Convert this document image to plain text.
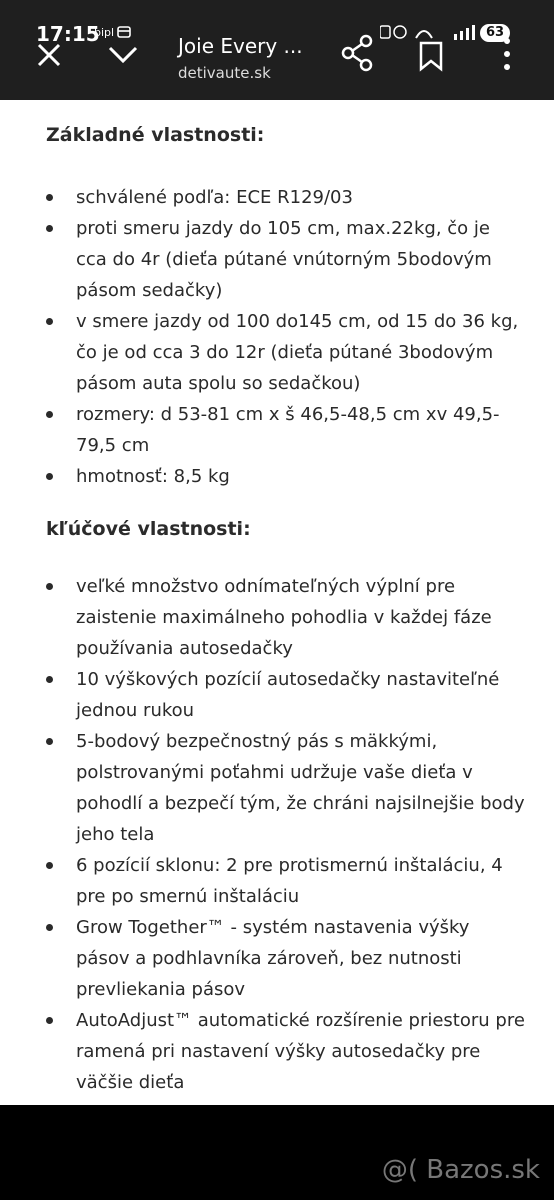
17:15
bipl
Joie Every ...
detivaute.sk
63
Základné vlastnosti:
schválené podľa: ECE R129/03
proti smeru jazdy do 105 cm, max.22kg, čo je cca do 4r (dieťa pútané vnútorným 5bodovým pásom sedačky)
v smere jazdy od 100 do145 cm, od 15 do 36 kg, čo je od cca 3 do 12r (dieťa pútané 3bodovým pásom auta spolu so sedačkou)
rozmery: d 53-81 cm x š 46,5-48,5 cm xv 49,5-79,5 cm
hmotnosť: 8,5 kg
kľúčové vlastnosti:
veľké množstvo odnímateľných výplní pre zaistenie maximálneho pohodlia v každej fáze používania autosedačky
10 výškových pozícií autosedačky nastaviteľné jednou rukou
5-bodový bezpečnostný pás s mäkkými, polstrovanými poťahmi udržuje vaše dieťa v pohodlí a bezpečí tým, že chráni najsilnejšie body jeho tela
6 pozícií sklonu: 2 pre protismernú inštaláciu, 4 pre po smernú inštaláciu
Grow Together™ - systém nastavenia výšky pásov a podhlavníka zároveň, bez nutnosti prevliekania pásov
AutoAdjust™ automatické rozšírenie priestoru pre ramená pri nastavení výšky autosedačky pre väčšie dieťa
@( Bazos.sk
